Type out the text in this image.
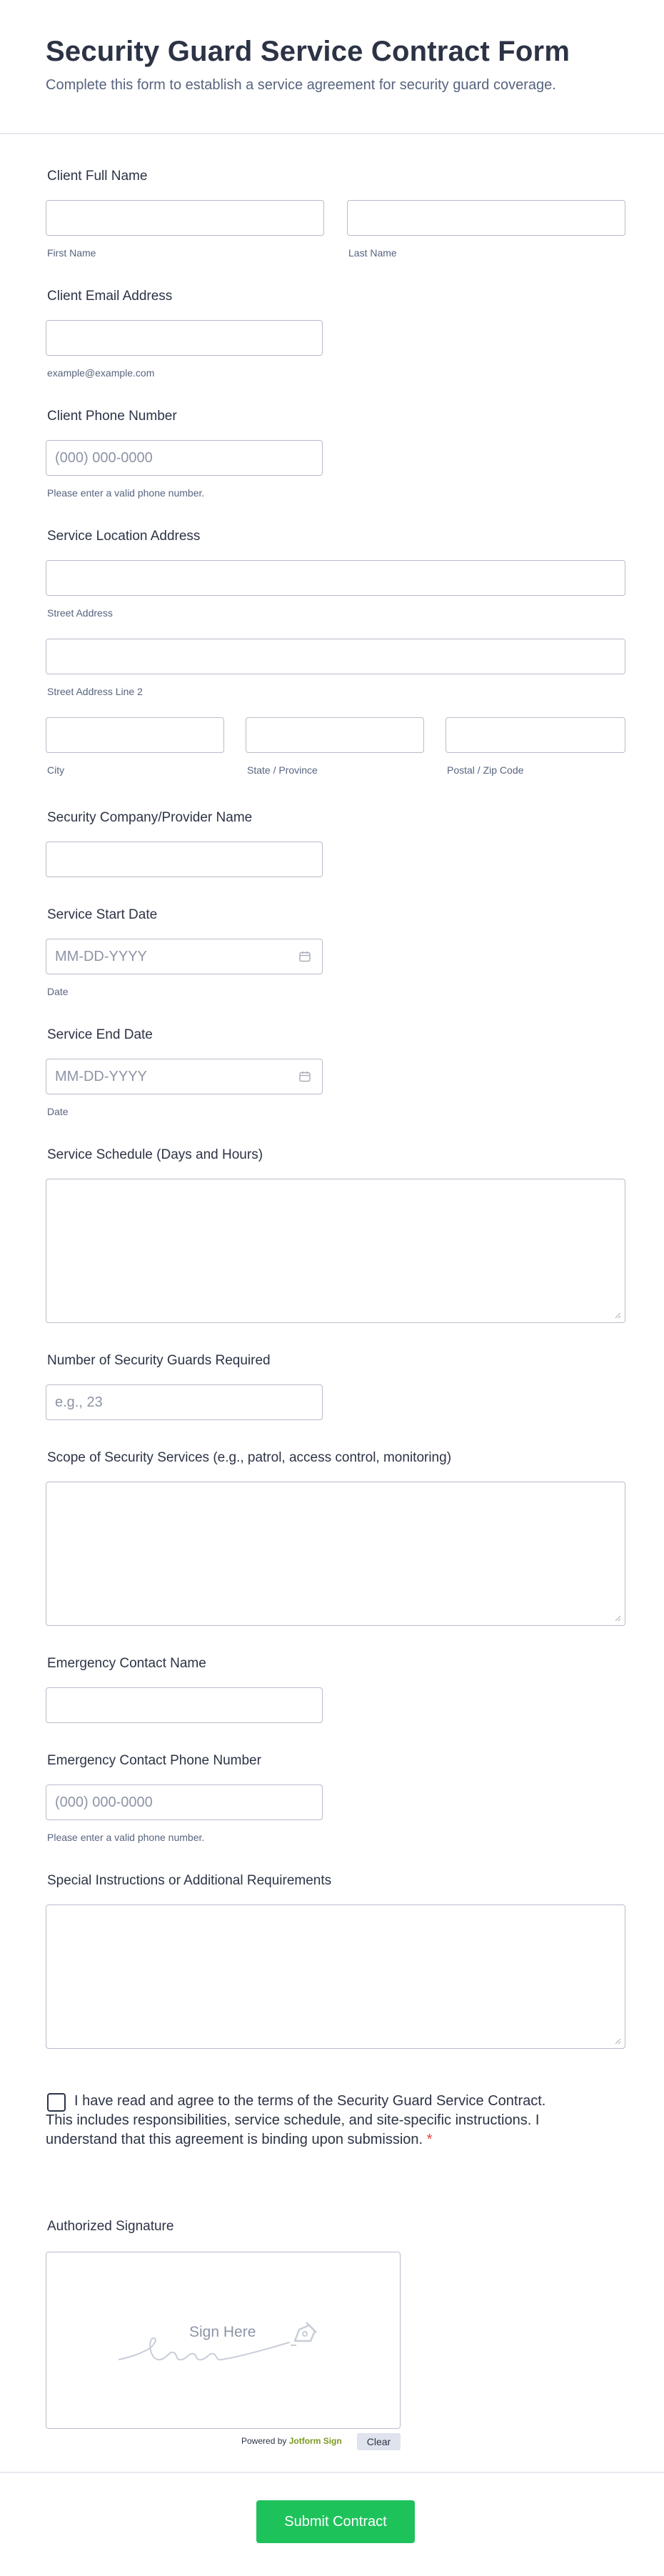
Security Guard Service Contract Form
Complete this form to establish a service agreement for security guard coverage.
Client Full Name
First Name	Last Name
Client Email Address
example@example.com
Client Phone Number
(000) 000-0000
Please enter a valid phone number.
Service Location Address
Street Address
Street Address Line 2
City	State / Province	Postal / Zip Code
Security Company/Provider Name
Service Start Date
MM-DD-YYYY
Date
Service End Date
MM-DD-YYYY
Date
Service Schedule (Days and Hours)
Number of Security Guards Required
e.g., 23
Scope of Security Services (e.g., patrol, access control, monitoring)
Emergency Contact Name
Emergency Contact Phone Number
(000) 000-0000
Please enter a valid phone number.
Special Instructions or Additional Requirements
I have read and agree to the terms of the Security Guard Service Contract. This includes responsibilities, service schedule, and site-specific instructions. I understand that this agreement is binding upon submission. *
Authorized Signature
Sign Here
Powered by Jotform Sign	Clear
Submit Contract
